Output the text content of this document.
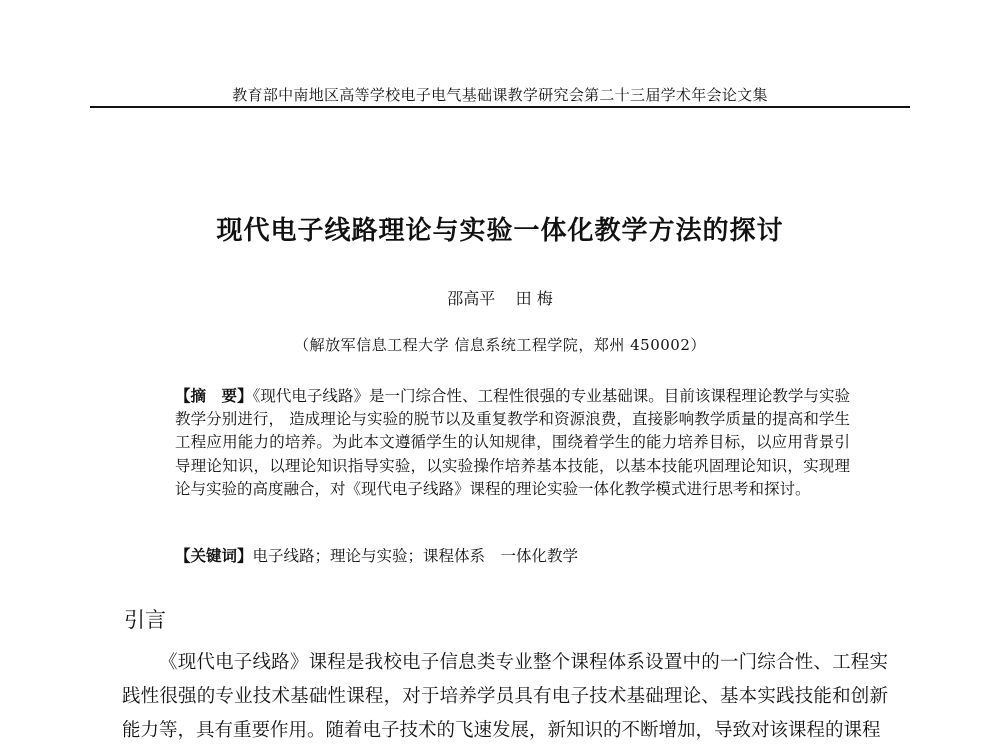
教育部中南地区高等学校电子电气基础课教学研究会第二十三届学术年会论文集
现代电子线路理论与实验一体化教学方法的探讨
邵高平    田 梅
（解放军信息工程大学 信息系统工程学院，郑州 450002）
【摘　要】《现代电子线路》是一门综合性、工程性很强的专业基础课。目前该课程理论教学与实验教学分别进行， 造成理论与实验的脱节以及重复教学和资源浪费，直接影响教学质量的提高和学生工程应用能力的培养。为此本文遵循学生的认知规律，围绕着学生的能力培养目标，以应用背景引导理论知识，以理论知识指导实验，以实验操作培养基本技能，以基本技能巩固理论知识，实现理论与实验的高度融合，对《现代电子线路》课程的理论实验一体化教学模式进行思考和探讨。
【关键词】电子线路；理论与实验；课程体系　一体化教学
引言
《现代电子线路》课程是我校电子信息类专业整个课程体系设置中的一门综合性、工程实践性很强的专业技术基础性课程，对于培养学员具有电子技术基础理论、基本实践技能和创新能力等，具有重要作用。随着电子技术的飞速发展，新知识的不断增加，导致对该课程的课程
